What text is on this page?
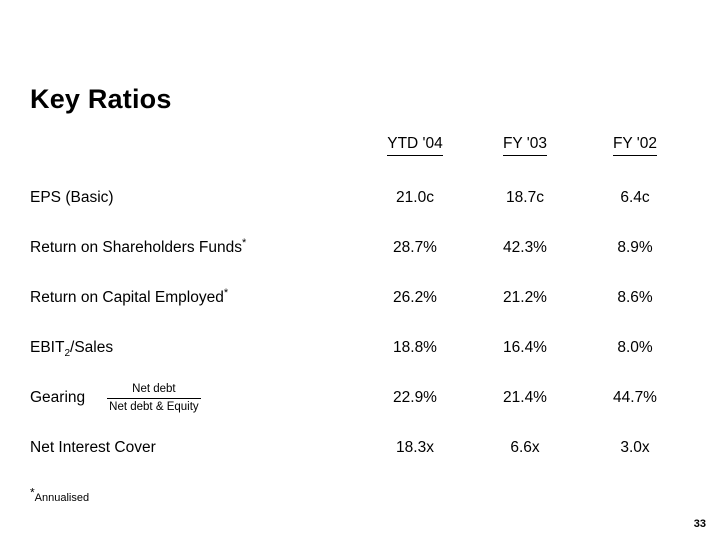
Key Ratios
	YTD '04	FY '03	FY '02
EPS (Basic)	21.0c	18.7c	6.4c
Return on Shareholders Funds*	28.7%	42.3%	8.9%
Return on Capital Employed*	26.2%	21.2%	8.6%
$EBIT_2$/Sales	18.8%	16.4%	8.0%

Gearing $\frac{\text{Net debt}}{\text{Net debt \& Equity}}$	22.9%	21.4%	44.7%
Net Interest Cover	18.3x	6.6x	3.0x
*Annualised
33
